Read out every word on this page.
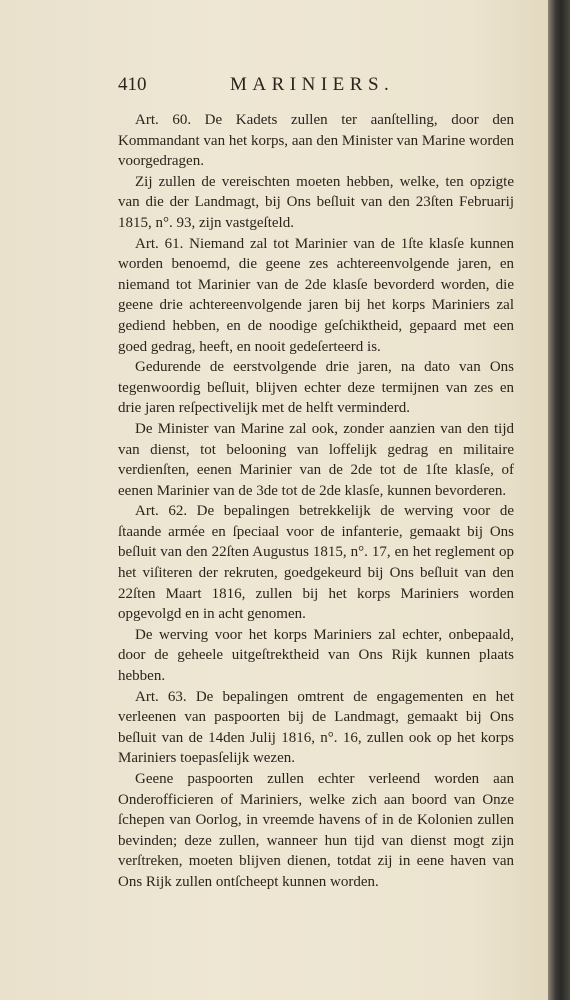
410	MARINIERS.

Art. 60. De Kadets zullen ter aanſtelling, door den Kommandant van het korps, aan den Minister van Marine worden voorgedragen.

Zij zullen de vereischten moeten hebben, welke, ten opzigte van die der Landmagt, bij Ons beſluit van den 23ſten Februarij 1815, n°. 93, zijn vastgeſteld.

Art. 61. Niemand zal tot Marinier van de 1ſte klasſe kunnen worden benoemd, die geene zes achtereenvolgende jaren, en niemand tot Marinier van de 2de klasſe bevorderd worden, die geene drie achtereenvolgende jaren bij het korps Mariniers zal gediend hebben, en de noodige geſchiktheid, gepaard met een goed gedrag, heeft, en nooit gedeſerteerd is.

Gedurende de eerstvolgende drie jaren, na dato van Ons tegenwoordig beſluit, blijven echter deze termijnen van zes en drie jaren reſpectivelijk met de helft verminderd.

De Minister van Marine zal ook, zonder aanzien van den tijd van dienst, tot belooning van loffelijk gedrag en militaire verdienſten, eenen Marinier van de 2de tot de 1ſte klasſe, of eenen Marinier van de 3de tot de 2de klasſe, kunnen bevorderen.

Art. 62. De bepalingen betrekkelijk de werving voor de ſtaande armée en ſpeciaal voor de infanterie, gemaakt bij Ons beſluit van den 22ſten Augustus 1815, n°. 17, en het reglement op het viſiteren der rekruten, goedgekeurd bij Ons beſluit van den 22ſten Maart 1816, zullen bij het korps Mariniers worden opgevolgd en in acht genomen.

De werving voor het korps Mariniers zal echter, onbepaald, door de geheele uitgeſtrektheid van Ons Rijk kunnen plaats hebben.

Art. 63. De bepalingen omtrent de engagementen en het verleenen van paspoorten bij de Landmagt, gemaakt bij Ons beſluit van de 14den Julij 1816, n°. 16, zullen ook op het korps Mariniers toepasſelijk wezen.

Geene paspoorten zullen echter verleend worden aan Onderofficieren of Mariniers, welke zich aan boord van Onze ſchepen van Oorlog, in vreemde havens of in de Kolonien zullen bevinden; deze zullen, wanneer hun tijd van dienst mogt zijn verſtreken, moeten blijven dienen, totdat zij in eene haven van Ons Rijk zullen ontſcheept kunnen worden.
